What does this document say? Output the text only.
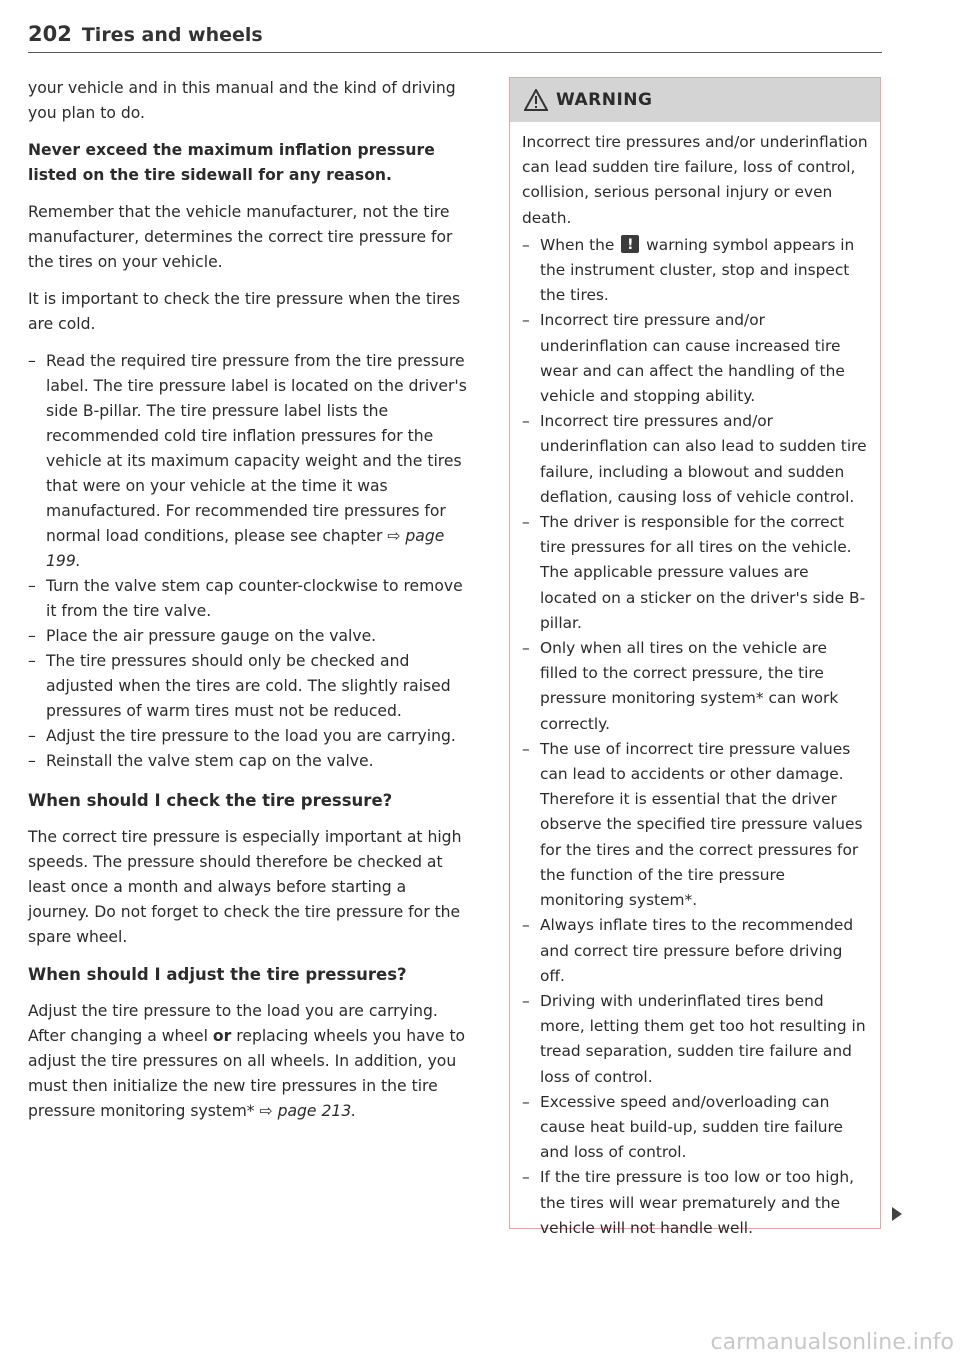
202 Tires and wheels

your vehicle and in this manual and the kind of driving you plan to do.

Never exceed the maximum inflation pressure listed on the tire sidewall for any reason.

Remember that the vehicle manufacturer, not the tire manufacturer, determines the correct tire pressure for the tires on your vehicle.

It is important to check the tire pressure when the tires are cold.

– Read the required tire pressure from the tire pressure label. The tire pressure label is located on the driver's side B-pillar. The tire pressure label lists the recommended cold tire inflation pressures for the vehicle at its maximum capacity weight and the tires that were on your vehicle at the time it was manufactured. For recommended tire pressures for normal load conditions, please see chapter ⇨ page 199.
– Turn the valve stem cap counter-clockwise to remove it from the tire valve.
– Place the air pressure gauge on the valve.
– The tire pressures should only be checked and adjusted when the tires are cold. The slightly raised pressures of warm tires must not be reduced.
– Adjust the tire pressure to the load you are carrying.
– Reinstall the valve stem cap on the valve.
When should I check the tire pressure?

The correct tire pressure is especially important at high speeds. The pressure should therefore be checked at least once a month and always before starting a journey. Do not forget to check the tire pressure for the spare wheel.

When should I adjust the tire pressures?

Adjust the tire pressure to the load you are carrying. After changing a wheel or replacing wheels you have to adjust the tire pressures on all wheels. In addition, you must then initialize the new tire pressures in the tire pressure monitoring system* ⇨ page 213.

WARNING

Incorrect tire pressures and/or underinflation can lead sudden tire failure, loss of control, collision, serious personal injury or even death.

– When the ! warning symbol appears in the instrument cluster, stop and inspect the tires.
– Incorrect tire pressure and/or underinflation can cause increased tire wear and can affect the handling of the vehicle and stopping ability.
– Incorrect tire pressures and/or underinflation can also lead to sudden tire failure, including a blowout and sudden deflation, causing loss of vehicle control.
– The driver is responsible for the correct tire pressures for all tires on the vehicle. The applicable pressure values are located on a sticker on the driver's side B-pillar.
– Only when all tires on the vehicle are filled to the correct pressure, the tire pressure monitoring system* can work correctly.
– The use of incorrect tire pressure values can lead to accidents or other damage. Therefore it is essential that the driver observe the specified tire pressure values for the tires and the correct pressures for the function of the tire pressure monitoring system*.
– Always inflate tires to the recommended and correct tire pressure before driving off.
– Driving with underinflated tires bend more, letting them get too hot resulting in tread separation, sudden tire failure and loss of control.
– Excessive speed and/overloading can cause heat build-up, sudden tire failure and loss of control.
– If the tire pressure is too low or too high, the tires will wear prematurely and the vehicle will not handle well.
carmanualsonline.info
